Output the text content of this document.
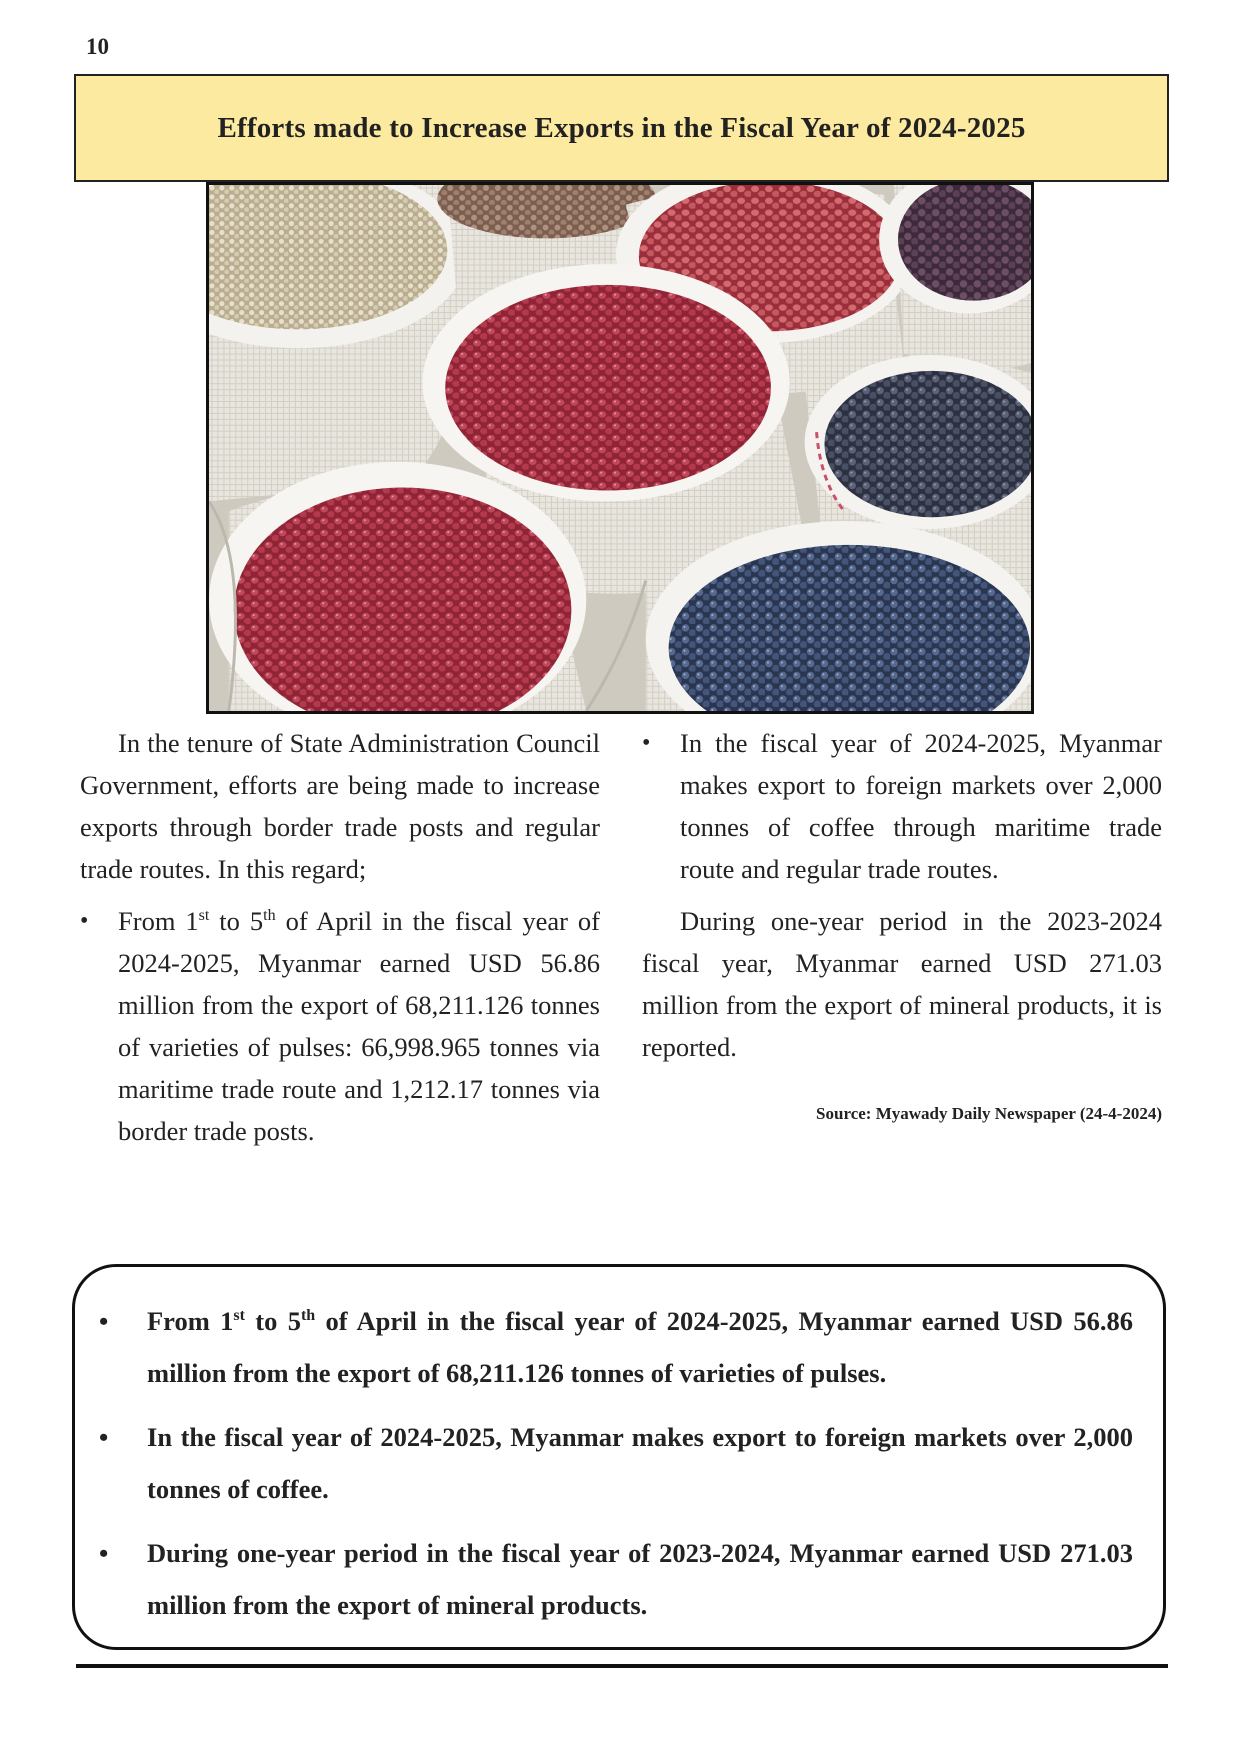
10
Efforts made to Increase Exports in the Fiscal Year of 2024-2025

In the tenure of State Administration Council Government, efforts are being made to increase exports through border trade posts and regular trade routes. In this regard;

• From 1st to 5th of April in the fiscal year of 2024-2025, Myanmar earned USD 56.86 million from the export of 68,211.126 tonnes of varieties of pulses: 66,998.965 tonnes via maritime trade route and 1,212.17 tonnes via border trade posts.
• In the fiscal year of 2024-2025, Myanmar makes export to foreign markets over 2,000 tonnes of coffee through maritime trade route and regular trade routes.

During one-year period in the 2023-2024 fiscal year, Myanmar earned USD 271.03 million from the export of mineral products, it is reported.

Source: Myawady Daily Newspaper (24-4-2024)

• From 1st to 5th of April in the fiscal year of 2024-2025, Myanmar earned USD 56.86 million from the export of 68,211.126 tonnes of varieties of pulses.
• In the fiscal year of 2024-2025, Myanmar makes export to foreign markets over 2,000 tonnes of coffee.
• During one-year period in the fiscal year of 2023-2024, Myanmar earned USD 271.03 million from the export of mineral products.
